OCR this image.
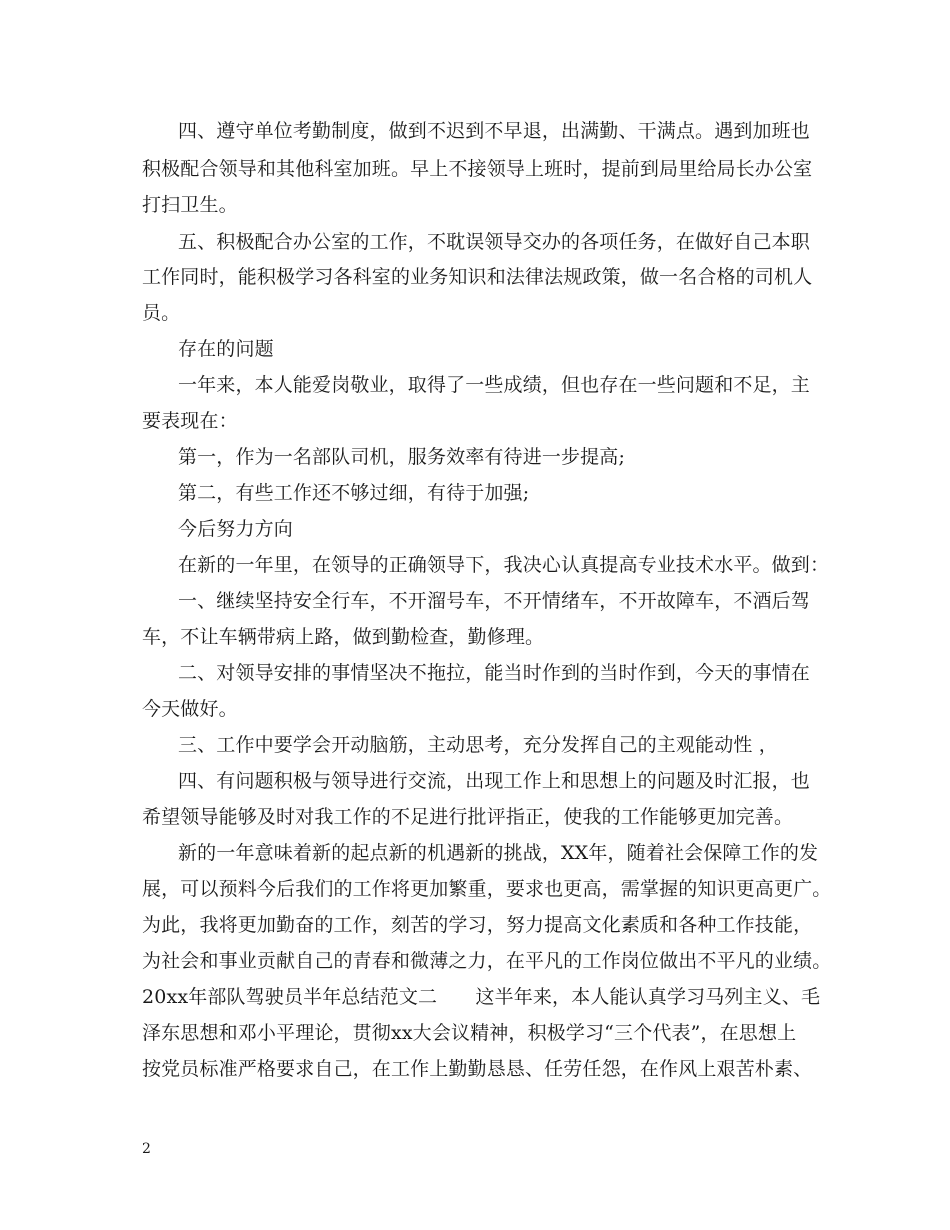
四、遵守单位考勤制度，做到不迟到不早退，出满勤、干满点。遇到加班也
积极配合领导和其他科室加班。早上不接领导上班时，提前到局里给局长办公室
打扫卫生。
五、积极配合办公室的工作，不耽误领导交办的各项任务，在做好自己本职
工作同时，能积极学习各科室的业务知识和法律法规政策，做一名合格的司机人
员。
存在的问题
一年来，本人能爱岗敬业，取得了一些成绩，但也存在一些问题和不足，主
要表现在：
第一，作为一名部队司机，服务效率有待进一步提高;
第二，有些工作还不够过细，有待于加强;
今后努力方向
在新的一年里，在领导的正确领导下，我决心认真提高专业技术水平。做到：
一、继续坚持安全行车，不开溜号车，不开情绪车，不开故障车，不酒后驾
车，不让车辆带病上路，做到勤检查，勤修理。
二、对领导安排的事情坚决不拖拉，能当时作到的当时作到，今天的事情在
今天做好。
三、工作中要学会开动脑筋，主动思考，充分发挥自己的主观能动性 ，
四、有问题积极与领导进行交流，出现工作上和思想上的问题及时汇报，也
希望领导能够及时对我工作的不足进行批评指正，使我的工作能够更加完善。
新的一年意味着新的起点新的机遇新的挑战，XX年，随着社会保障工作的发
展，可以预料今后我们的工作将更加繁重，要求也更高，需掌握的知识更高更广。
为此，我将更加勤奋的工作，刻苦的学习，努力提高文化素质和各种工作技能，
为社会和事业贡献自己的青春和微薄之力，在平凡的工作岗位做出不平凡的业绩。
20xx年部队驾驶员半年总结范文二　　这半年来，本人能认真学习马列主义、毛
泽东思想和邓小平理论，贯彻xx大会议精神，积极学习“三个代表”，在思想上
按党员标准严格要求自己，在工作上勤勤恳恳、任劳任怨，在作风上艰苦朴素、
2
